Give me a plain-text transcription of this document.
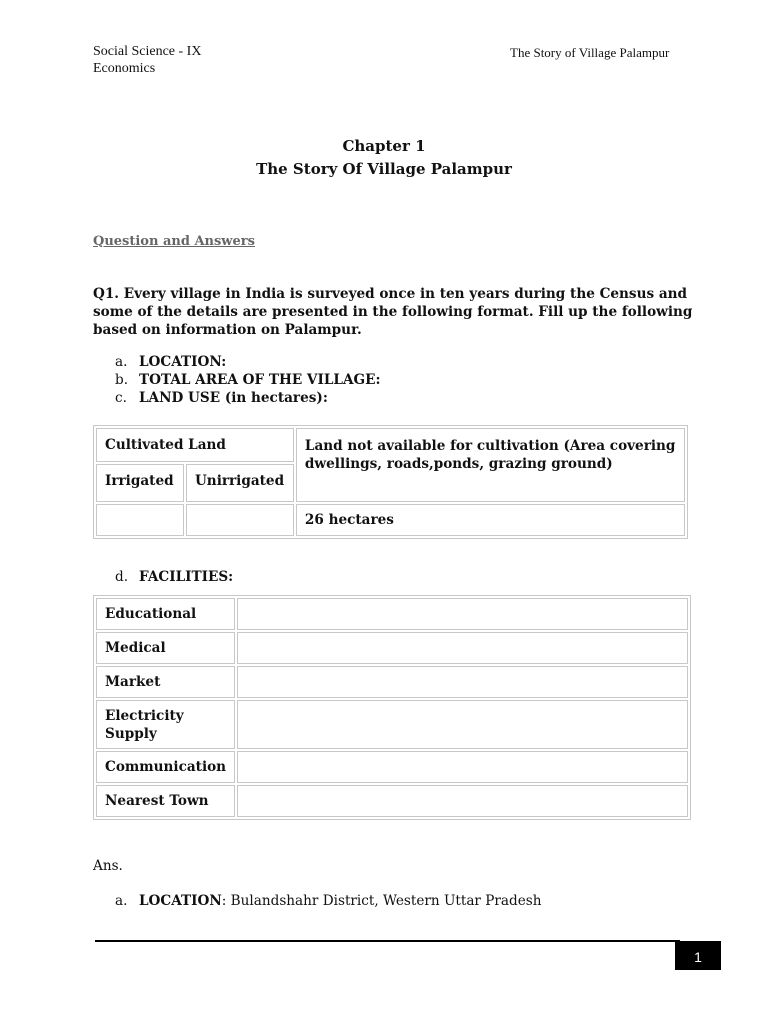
Social Science - IX
Economics
The Story of Village Palampur
Chapter 1
The Story Of Village Palampur
Question and Answers
Q1. Every village in India is surveyed once in ten years during the Census and some of the details are presented in the following format. Fill up the following based on information on Palampur.
a. LOCATION:
b. TOTAL AREA OF THE VILLAGE:
c. LAND USE (in hectares):
Cultivated Land		Land not available for cultivation (Area covering dwellings, roads,ponds, grazing ground)
Irrigated	Unirrigated	
		26 hectares
d. FACILITIES:
Educational	
Medical	
Market	
Electricity Supply	
Communication	
Nearest Town	
Ans.
a. LOCATION: Bulandshahr District, Western Uttar Pradesh
1
